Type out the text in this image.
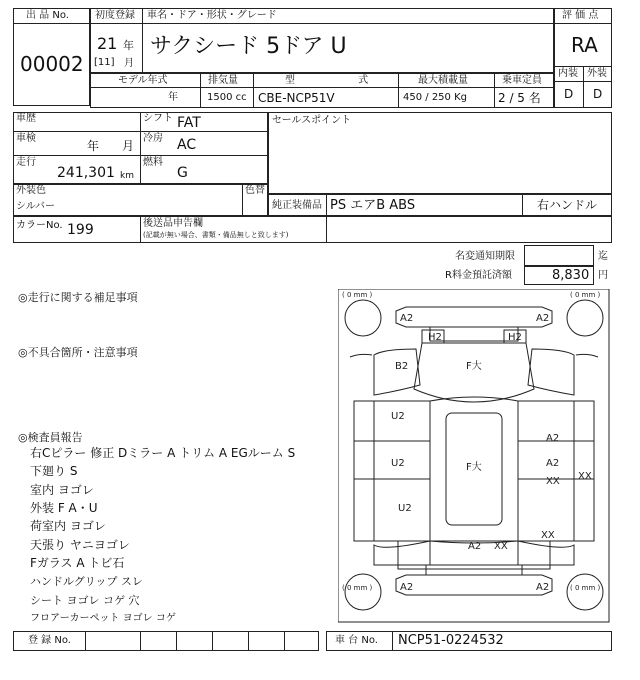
出 品 No.
00002
初度登録 車名・ドア・形状・グレード
21 年
[11] 月
サクシード 5ドア U
評 価 点
RA
内装 外装
D D
モデル年式	排気量	型 式 最大積載量	乗車定員
年	1500 cc CBE-NCP51V	450 / 250 Kg	2 / 5 名
車歴
車検
年 月
走行
241,301 km
シフト FAT
冷房 AC
燃料
G
セールスポイント
外装色
シルバー
色替
純正装備品 PS エアB ABS	右ハンドル
カラーNo. 199	後送品申告欄
(記載が無い場合、書類・備品無しと致します)
名変通知期限	迄
R料金預託済額	8,830 円
◎走行に関する補足事項
◎不具合箇所・注意事項
◎検査員報告
右Cピラー 修正 Dミラー A トリム A EGルーム S
下廻り S
室内 ヨゴレ
外装 F A・U
荷室内 ヨゴレ
天張り ヤニヨゴレ
Fガラス A トビ石
ハンドルグリップ スレ
シート ヨゴレ コゲ 穴
フロアーカーペット ヨゴレ コゲ
( 0 mm )	( 0 mm )
( 0 mm )	( 0 mm )
A2	A2
H2	H2
B2	F大
U2
U2	F大
A2
A2
XX XX
U2
XX
A2 XX
A2	A2
登 録 No.	車 台 No. NCP51-0224532
